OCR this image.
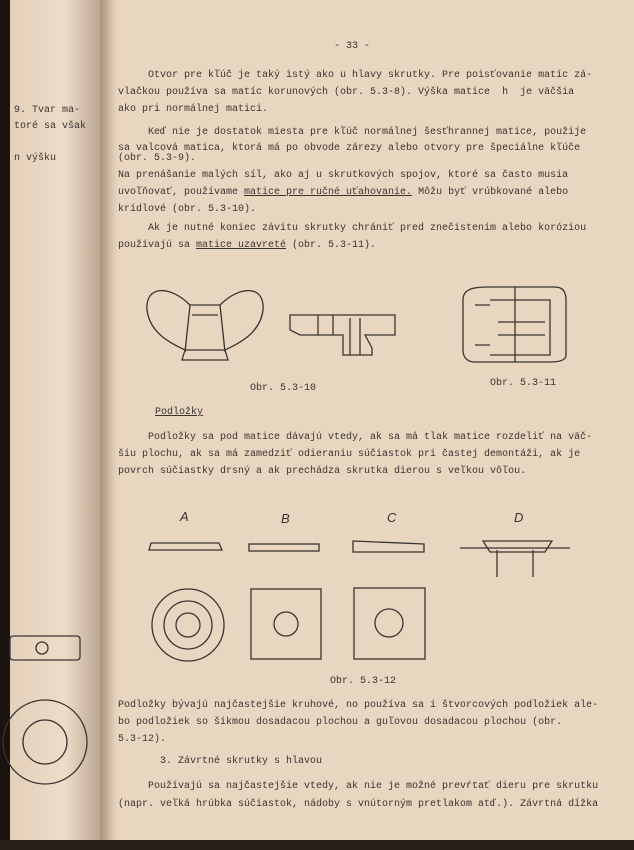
9. Tvar ma-
toré sa však
n výšku
- 33 -
Otvor pre kľúč je taký istý ako u hlavy skrutky. Pre poisťovanie matíc zá-
vlačkou používa sa matíc korunových (obr. 5.3-8). Výška matice  h  je väčšia
ako pri normálnej matici.
Keď nie je dostatok miesta pre kľúč normálnej šesťhrannej matice, použije
sa valcová matica, ktorá má po obvode zárezy alebo otvory pre špeciálne kľúče
(obr. 5.3-9).
Na prenášanie malých síl, ako aj u skrutkových spojov, ktoré sa často musia
uvoľňovať, používame matice pre ručné uťahovanie. Môžu byť vrúbkované alebo
krídlové (obr. 5.3-10).
Ak je nutné koniec závitu skrutky chrániť pred znečistením alebo koróziou
používajú sa matice uzavreté (obr. 5.3-11).
Obr. 5.3-10	Obr. 5.3-11
Podložky
Podložky sa pod matice dávajú vtedy, ak sa má tlak matice rozdeliť na väč-
šiu plochu, ak sa má zamedziť odieraniu súčiastok pri častej demontáži, ak je
povrch súčiastky drsný a ak prechádza skrutka dierou s veľkou vôľou.
A	B	C	D
Obr. 5.3-12
Podložky bývajú najčastejšie kruhové, no používa sa i štvorcových podložiek ale-
bo podložiek so šikmou dosadacou plochou a guľovou dosadacou plochou (obr.
5.3-12).
3. Závrtné skrutky s hlavou
Používajú sa najčastejšie vtedy, ak nie je možné prevŕtať dieru pre skrutku
(napr. veľká hrúbka súčiastok, nádoby s vnútorným pretlakom atď.). Závrtná dĺžka
